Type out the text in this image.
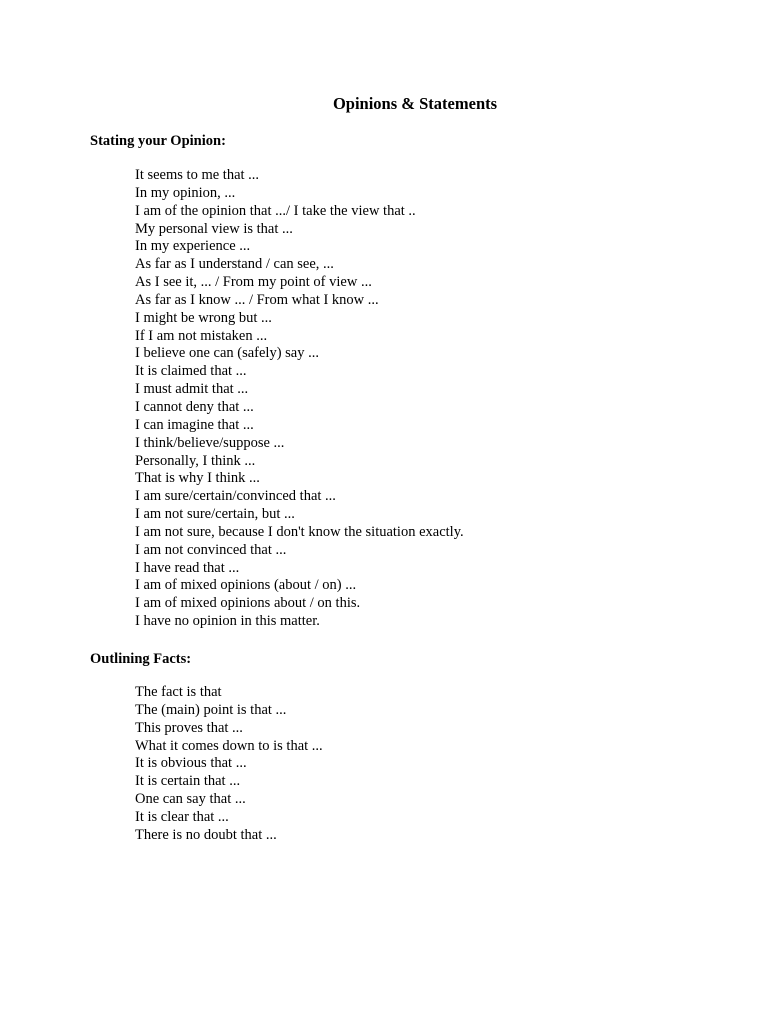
Opinions & Statements
Stating your Opinion:
It seems to me that ...
In my opinion, ...
I am of the opinion that .../ I take the view that ..
My personal view is that ...
In my experience ...
As far as I understand / can see, ...
As I see it, ... / From my point of view ...
As far as I know ... / From what I know ...
I might be wrong but ...
If I am not mistaken ...
I believe one can (safely) say ...
It is claimed that ...
I must admit that ...
I cannot deny that ...
I can imagine that ...
I think/believe/suppose ...
Personally, I think ...
That is why I think ...
I am sure/certain/convinced that ...
I am not sure/certain, but ...
I am not sure, because I don't know the situation exactly.
I am not convinced that ...
I have read that ...
I am of mixed opinions (about / on) ...
I am of mixed opinions about / on this.
I have no opinion in this matter.
Outlining Facts:
The fact is that
The (main) point is that ...
This proves that ...
What it comes down to is that ...
It is obvious that ...
It is certain that ...
One can say that ...
It is clear that ...
There is no doubt that ...
